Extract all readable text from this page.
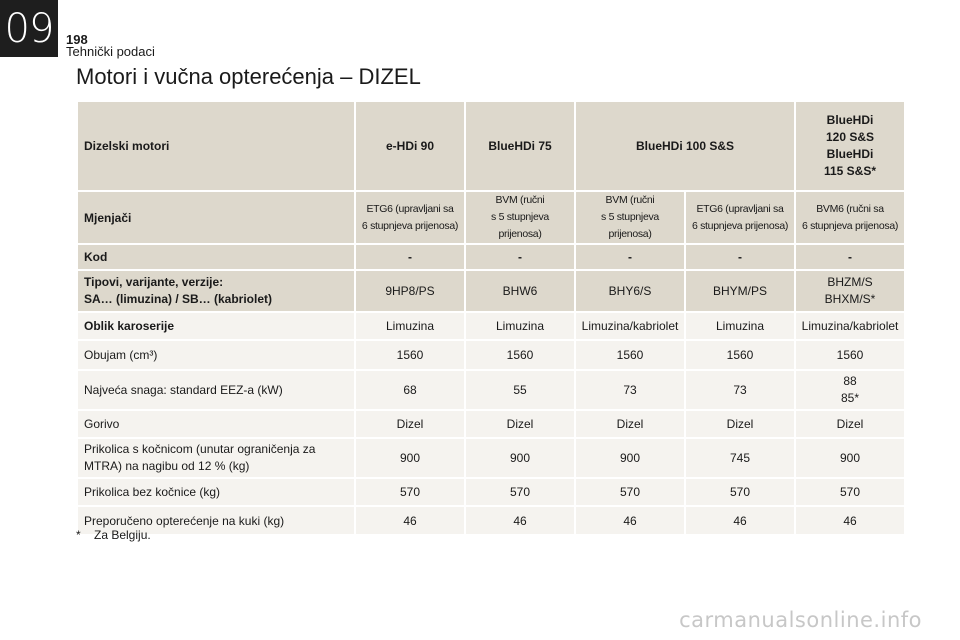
09 198
Tehnički podaci
Motori i vučna opterećenja – DIZEL
Dizelski motori	e-HDi 90	BlueHDi 75	BlueHDi 100 S&S		BlueHDi
120 S&S
BlueHDi
115 S&S*
Mjenjači	ETG6 (upravljani sa
6 stupnjeva prijenosa)	BVM (ručni
s 5 stupnjeva prijenosa)	BVM (ručni
s 5 stupnjeva prijenosa)	ETG6 (upravljani sa
6 stupnjeva prijenosa)	BVM6 (ručni sa
6 stupnjeva prijenosa)
Kod	-	-	-	-	-
Tipovi, varijante, verzije:
SA… (limuzina) / SB… (kabriolet)	9HP8/PS	BHW6	BHY6/S	BHYM/PS	BHZM/S
BHXM/S*
Oblik karoserije	Limuzina	Limuzina	Limuzina/kabriolet	Limuzina	Limuzina/kabriolet
Obujam (cm³)	1560	1560	1560	1560	1560
Najveća snaga: standard EEZ-a (kW)	68	55	73	73	88
85*
Gorivo	Dizel	Dizel	Dizel	Dizel	Dizel
Prikolica s kočnicom (unutar ograničenja za
MTRA) na nagibu od 12 % (kg)	900	900	900	745	900
Prikolica bez kočnice (kg)	570	570	570	570	570
Preporučeno opterećenje na kuki (kg)	46	46	46	46	46
* Za Belgiju.
carmanualsonline.info
